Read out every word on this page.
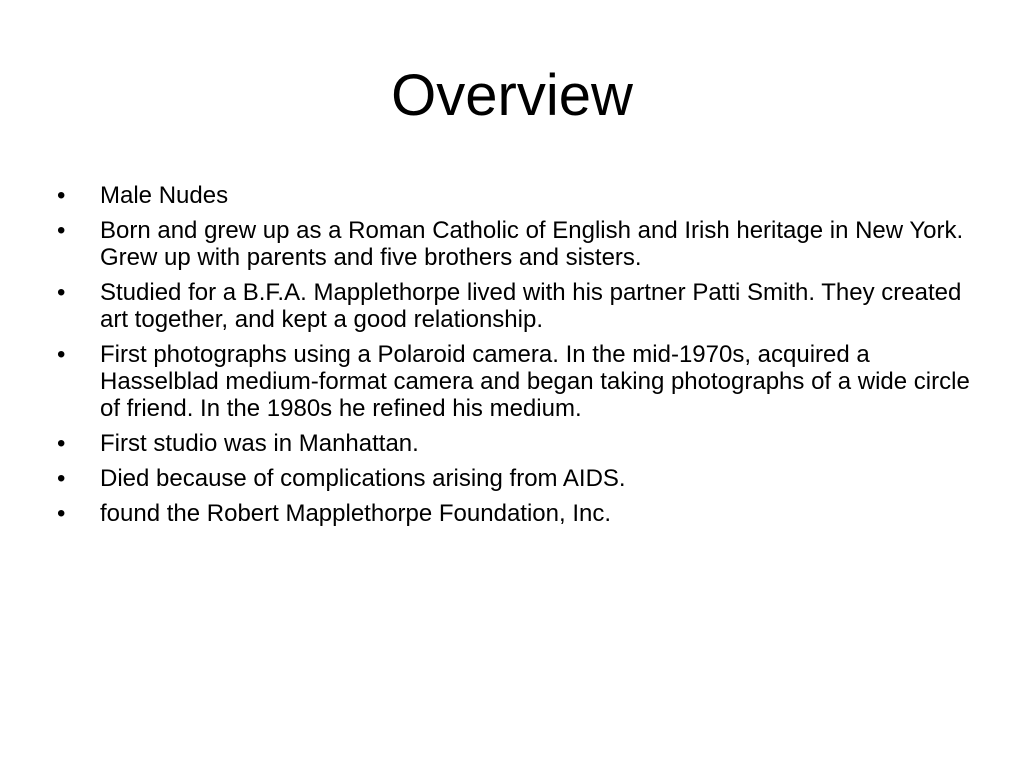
Overview
• Male Nudes
• Born and grew up as a Roman Catholic of English and Irish heritage in New York. Grew up with parents and five brothers and sisters.
• Studied for a B.F.A. Mapplethorpe lived with his partner Patti Smith. They created art together, and kept a good relationship.
• First photographs using a Polaroid camera. In the mid-1970s, acquired a Hasselblad medium-format camera and began taking photographs of a wide circle of friend. In the 1980s he refined his medium.
• First studio was in Manhattan.
• Died because of complications arising from AIDS.
• found the Robert Mapplethorpe Foundation, Inc.
